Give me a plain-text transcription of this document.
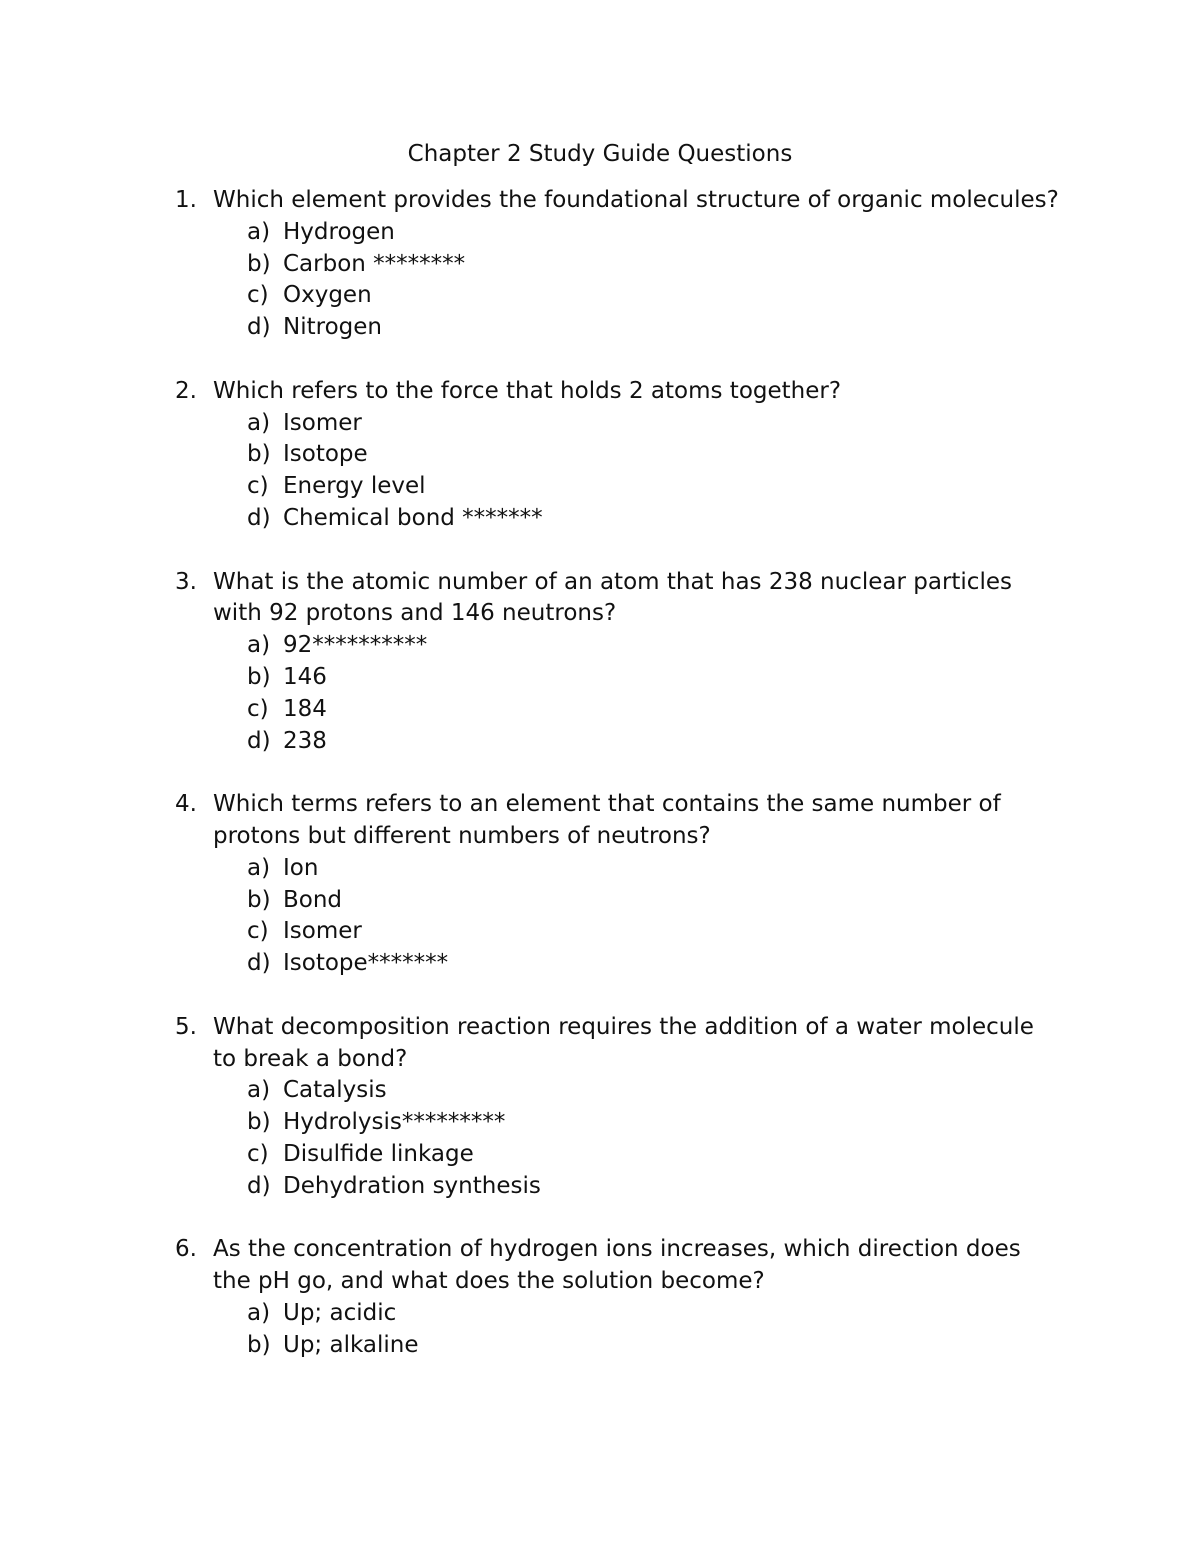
Chapter 2 Study Guide Questions
1. Which element provides the foundational structure of organic molecules?
a) Hydrogen
b) Carbon ********
c) Oxygen
d) Nitrogen
2. Which refers to the force that holds 2 atoms together?
a) Isomer
b) Isotope
c) Energy level
d) Chemical bond *******
3. What is the atomic number of an atom that has 238 nuclear particles with 92 protons and 146 neutrons?
a) 92**********
b) 146
c) 184
d) 238
4. Which terms refers to an element that contains the same number of protons but different numbers of neutrons?
a) Ion
b) Bond
c) Isomer
d) Isotope*******
5. What decomposition reaction requires the addition of a water molecule to break a bond?
a) Catalysis
b) Hydrolysis*********
c) Disulfide linkage
d) Dehydration synthesis
6. As the concentration of hydrogen ions increases, which direction does the pH go, and what does the solution become?
a) Up; acidic
b) Up; alkaline
